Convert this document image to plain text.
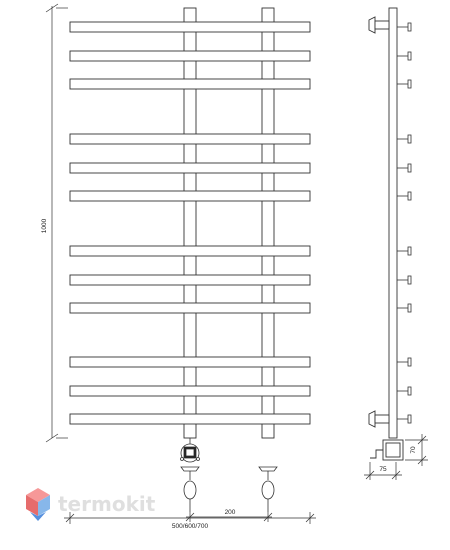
1000
200
500/600/700
75
70
termokit
